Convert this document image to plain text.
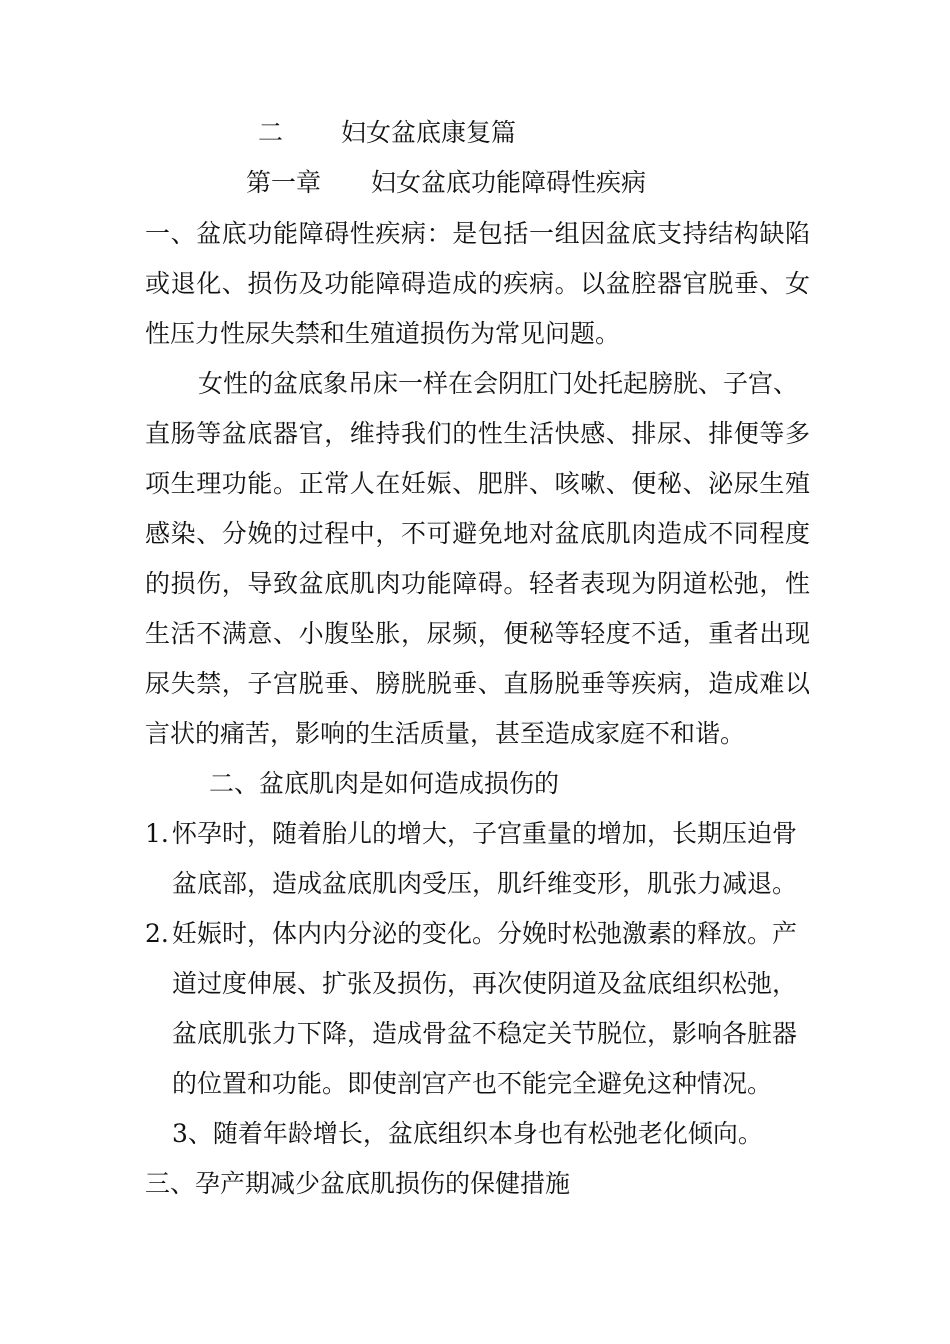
二 妇女盆底康复篇
第一章 妇女盆底功能障碍性疾病
一、盆底功能障碍性疾病：是包括一组因盆底支持结构缺陷
或退化、损伤及功能障碍造成的疾病。以盆腔器官脱垂、女
性压力性尿失禁和生殖道损伤为常见问题。
女性的盆底象吊床一样在会阴肛门处托起膀胱、子宫、
直肠等盆底器官，维持我们的性生活快感、排尿、排便等多
项生理功能。正常人在妊娠、肥胖、咳嗽、便秘、泌尿生殖
感染、分娩的过程中，不可避免地对盆底肌肉造成不同程度
的损伤，导致盆底肌肉功能障碍。轻者表现为阴道松弛，性
生活不满意、小腹坠胀，尿频，便秘等轻度不适，重者出现
尿失禁，子宫脱垂、膀胱脱垂、直肠脱垂等疾病，造成难以
言状的痛苦，影响的生活质量，甚至造成家庭不和谐。
二、盆底肌肉是如何造成损伤的
1. 怀孕时，随着胎儿的增大，子宫重量的增加，长期压迫骨
盆底部，造成盆底肌肉受压，肌纤维变形，肌张力减退。
2. 妊娠时，体内内分泌的变化。分娩时松弛激素的释放。产
道过度伸展、扩张及损伤，再次使阴道及盆底组织松弛，
盆底肌张力下降，造成骨盆不稳定关节脱位，影响各脏器
的位置和功能。即使剖宫产也不能完全避免这种情况。
3、随着年龄增长，盆底组织本身也有松弛老化倾向。
三、孕产期减少盆底肌损伤的保健措施
